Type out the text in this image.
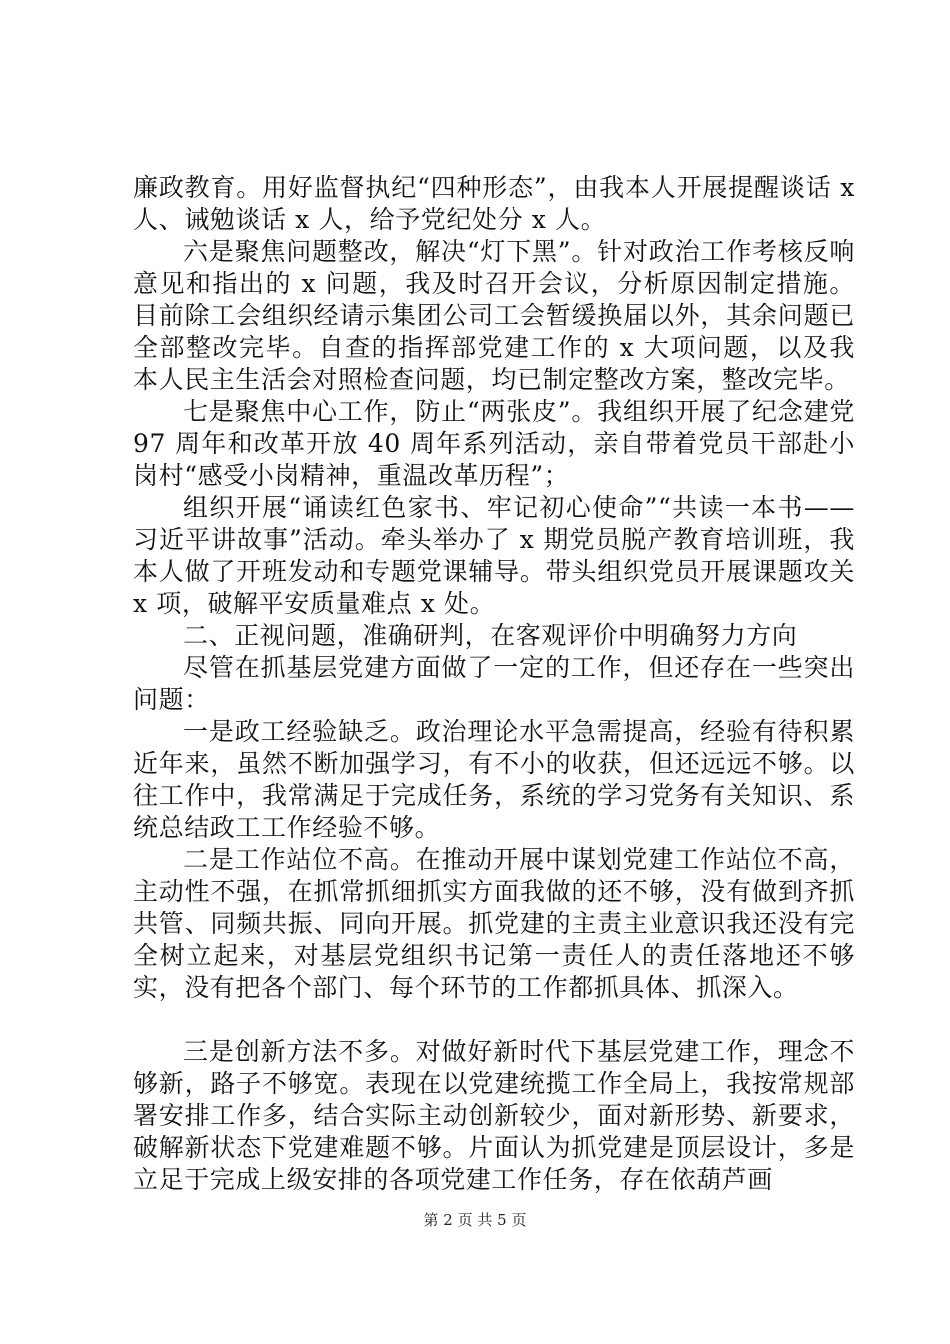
廉政教育。用好监督执纪“四种形态”，由我本人开展提醒谈话 x 人、诫勉谈话 x 人，给予党纪处分 x 人。

六是聚焦问题整改，解决“灯下黑”。针对政治工作考核反响意见和指出的 x 问题，我及时召开会议，分析原因制定措施。目前除工会组织经请示集团公司工会暂缓换届以外，其余问题已全部整改完毕。自查的指挥部党建工作的 x 大项问题，以及我本人民主生活会对照检查问题，均已制定整改方案，整改完毕。

七是聚焦中心工作，防止“两张皮”。我组织开展了纪念建党 97 周年和改革开放 40 周年系列活动，亲自带着党员干部赴小岗村“感受小岗精神，重温改革历程”；

组织开展“诵读红色家书、牢记初心使命”“共读一本书——习近平讲故事”活动。牵头举办了 x 期党员脱产教育培训班，我本人做了开班发动和专题党课辅导。带头组织党员开展课题攻关 x 项，破解平安质量难点 x 处。

二、正视问题，准确研判，在客观评价中明确努力方向

尽管在抓基层党建方面做了一定的工作，但还存在一些突出问题：

一是政工经验缺乏。政治理论水平急需提高，经验有待积累近年来，虽然不断加强学习，有不小的收获，但还远远不够。以往工作中，我常满足于完成任务，系统的学习党务有关知识、系统总结政工工作经验不够。

二是工作站位不高。在推动开展中谋划党建工作站位不高，主动性不强，在抓常抓细抓实方面我做的还不够，没有做到齐抓共管、同频共振、同向开展。抓党建的主责主业意识我还没有完全树立起来，对基层党组织书记第一责任人的责任落地还不够实，没有把各个部门、每个环节的工作都抓具体、抓深入。

三是创新方法不多。对做好新时代下基层党建工作，理念不够新，路子不够宽。表现在以党建统揽工作全局上，我按常规部署安排工作多，结合实际主动创新较少，面对新形势、新要求，破解新状态下党建难题不够。片面认为抓党建是顶层设计，多是立足于完成上级安排的各项党建工作任务，存在依葫芦画

第 2 页 共 5 页
